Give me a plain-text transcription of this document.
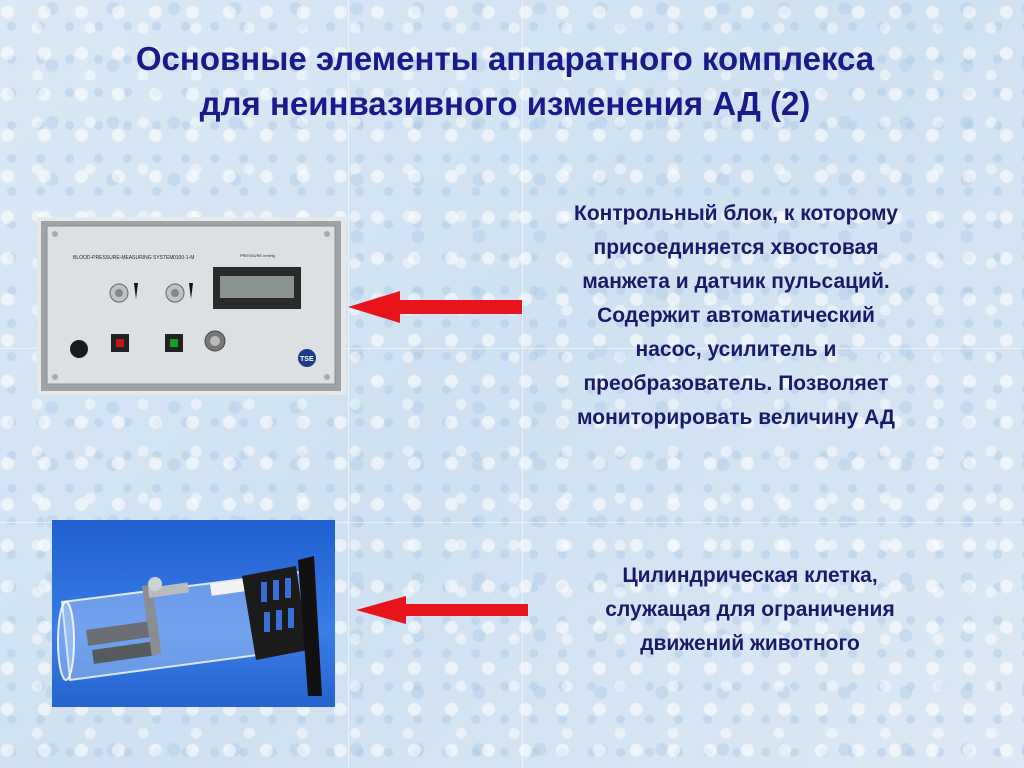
Основные элементы аппаратного комплекса
для неинвазивного изменения АД (2)
BLOOD-PRESSURE-MEASURING SYSTEM 0100-1-M	PRESSURE mmHg
TSE
Контрольный блок, к которому
присоединяется хвостовая
манжета и датчик пульсаций.
Содержит автоматический
насос, усилитель и
преобразователь. Позволяет
мониторировать величину АД
Цилиндрическая клетка,
служащая для ограничения
движений животного
